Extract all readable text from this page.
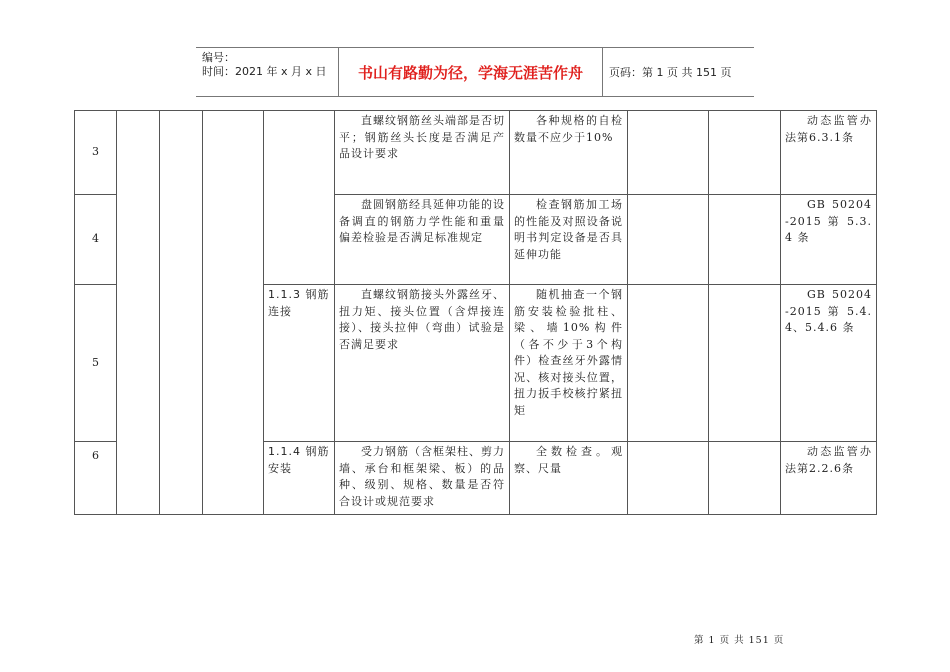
编号：
时间：2021 年 x 月 x 日	书山有路勤为径，学海无涯苦作舟	页码：第 1 页 共 151 页
3					直螺纹钢筋丝头端部是否切平；钢筋丝头长度是否满足产品设计要求	各种规格的自检数量不应少于10%			动态监管办法第6.3.1条
4					盘圆钢筋经具延伸功能的设备调直的钢筋力学性能和重量偏差检验是否满足标准规定	检查钢筋加工场的性能及对照设备说明书判定设备是否具延伸功能			GB 50204-2015 第 5.3.4 条
5				1.1.3 钢筋连接	直螺纹钢筋接头外露丝牙、扭力矩、接头位置（含焊接连接）、接头拉伸（弯曲）试验是否满足要求	随机抽查一个钢筋安装检验批柱、梁、墙10%构件（各不少于3个构件）检查丝牙外露情况、核对接头位置，扭力扳手校核拧紧扭矩			GB 50204-2015 第 5.4.4、5.4.6 条
6				1.1.4 钢筋安装	受力钢筋（含框架柱、剪力墙、承台和框架梁、板）的品种、级别、规格、数量是否符合设计或规范要求	全数检查。观察、尺量			动态监管办法第2.2.6条
第 1 页 共 151 页
